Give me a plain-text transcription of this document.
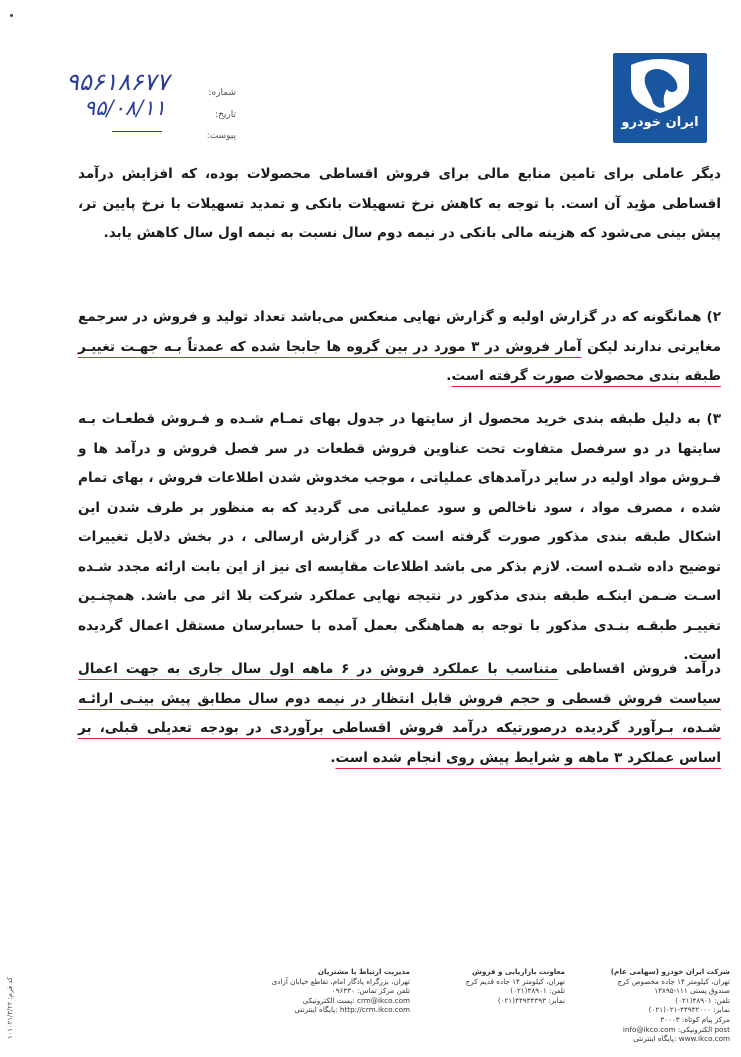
ایران خودرو
شماره:
۹۵۶۱۸۶۷۷
تاریخ:
۹۵/۰۸/۱۱
پیوست:
دیگر عاملی برای تامین منابع مالی برای فروش اقساطی محصولات بوده، که افزایش درآمد اقساطی مؤید آن است. با توجه به کاهش نرخ تسهیلات بانکی و تمدید تسهیلات با نرخ پایین تر، پیش بینی می‌شود که هزینه مالی بانکی در نیمه دوم سال نسبت به نیمه اول سال کاهش یابد.
۲) همانگونه که در گزارش اولیه و گزارش نهایی منعکس می‌باشد تعداد تولید و فروش در سرجمع مغایرتی ندارند لیکن آمار فروش در ۳ مورد در بین گروه ها جابجا شده که عمدتاً بـه جهـت تغییـر طبقه بندی محصولات صورت گرفته است.
۳) به دلیل طبقه بندی خرید محصول از سایتها در جدول بهای تمـام شـده و فـروش قطعـات بـه سایتها در دو سرفصل متفاوت تحت عناوین فروش قطعات در سر فصل فروش و درآمد ها و فـروش مواد اولیه در سایر درآمدهای عملیاتی ، موجب مخدوش شدن اطلاعات فروش ، بهای تمام شده ، مصرف مواد ، سود ناخالص و سود عملیاتی می گردید که به منظور بر طرف شدن این اشکال طبقه بندی مذکور صورت گرفته است که در گزارش ارسالی ، در بخش دلایل تغییرات توضیح داده شـده است. لازم بذکر می باشد اطلاعات مقایسه ای نیز از این بابت ارائه مجدد شـده اسـت ضـمن اینکـه طبقه بندی مذکور در نتیجه نهایی عملکرد شرکت بلا اثر می باشد. همچنـین تغییـر طبقـه بنـدی مذکور با توجه به هماهنگی بعمل آمده با حسابرسان مستقل اعمال گردیده است.
درآمد فروش اقساطی متناسب با عملکرد فروش در ۶ ماهه اول سال جاری به جهت اعمال سیاست فروش قسطی و حجم فروش قابل انتظار در نیمه دوم سال مطابق پیش بینـی ارائـه شـده، بـرآورد گردیده درصورتیکه درآمد فروش اقساطی برآوردی در بودجه تعدیلی قبلی، بر اساس عملکرد ۳ ماهه و شرایط پیش روی انجام شده است.
شرکت ایران خودرو (سهامی عام)
تهران، کیلومتر ۱۴ جاده مخصوص کرج
صندوق پستی ۱۱۱-۱۳۸۹۵
تلفن: ۴۸۹۰۱(۰۲۱)
نمابر: ۴۴۹۳۲۰۰۰-۰۲۱(۰۲۱)
مرکز پیام کوتاه: ۳۰۰۰۳
post الکترونیکی: info@ikco.com
www.ikco.com :پایگاه اینترنتی
معاونت بازاریابی و فروش
تهران، کیلومتر ۱۴ جاده قدیم کرج
تلفن: ۴۸۹۰۱(۰۲۱)
نمابر: ۴۴۹۳۴۳۹۳(۰۲۱)
مدیریت ارتباط با مشتریان
تهران، بزرگراه یادگار امام، تقاطع خیابان آزادی
تلفن مرکز تماس: ۰۹۶۴۳۰
crm@ikco.com :پست الکترونیکی
http://crm.ikco.com :پایگاه اینترنتی
کد فرم: ۱۰۱۰۲۱/۳/۲۲
